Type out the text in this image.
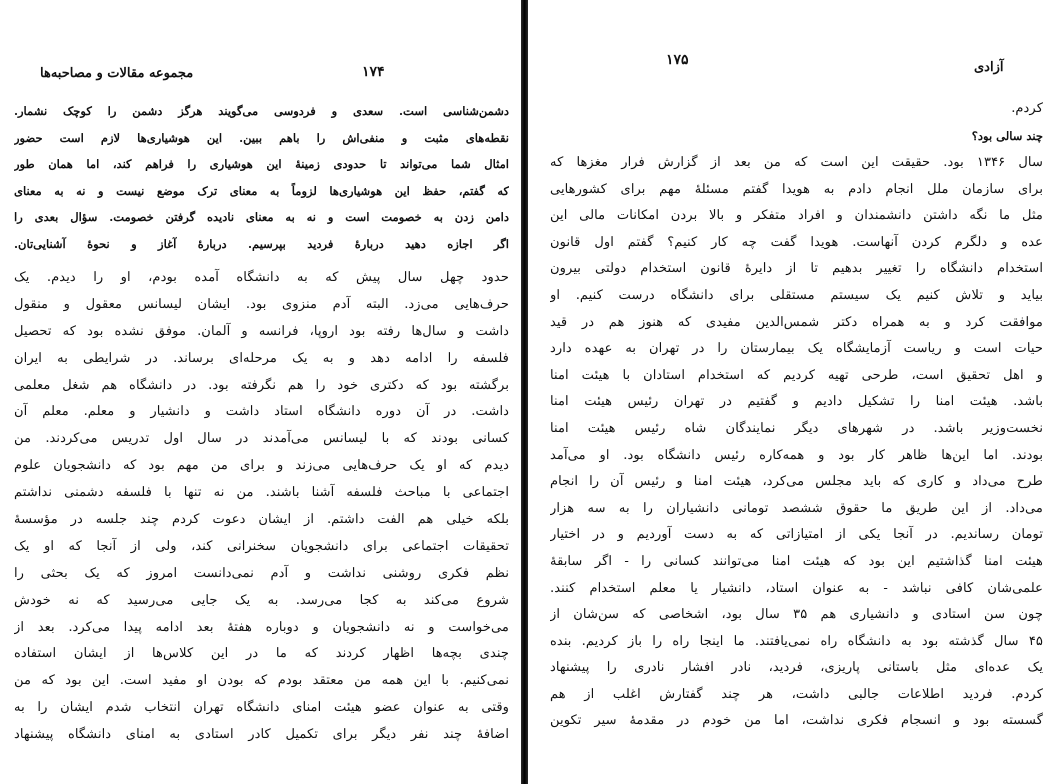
مجموعه مقالات و مصاحبه‌ها	۱۷۴
دشمن‌شناسی است. سعدی و فردوسی می‌گویند هرگز دشمن را کوچک نشمار.
نقطه‌های مثبت و منفی‌اش را باهم ببین. این هوشیاری‌ها لازم است حضور
امثال شما می‌تواند تا حدودی زمینهٔ این هوشیاری را فراهم کند، اما همان طور
که گفتم، حفظ این هوشیاری‌ها لزوماً به معنای ترک موضع نیست و نه به معنای
دامن زدن به خصومت است و نه به معنای نادیده گرفتن خصومت. سؤال بعدی را
اگر اجازه دهید دربارهٔ فردید بپرسیم. دربارهٔ آغاز و نحوهٔ آشنایی‌تان.
حدود چهل سال پیش که به دانشگاه آمده بودم، او را دیدم. یک
حرف‌هایی می‌زد. البته آدم منزوی بود. ایشان لیسانس معقول و منقول
داشت و سال‌ها رفته بود اروپا، فرانسه و آلمان. موفق نشده بود که تحصیل
فلسفه را ادامه دهد و به یک مرحله‌ای برساند. در شرایطی به ایران
برگشته بود که دکتری خود را هم نگرفته بود. در دانشگاه هم شغل معلمی
داشت. در آن دوره دانشگاه استاد داشت و دانشیار و معلم. معلم آن
کسانی بودند که با لیسانس می‌آمدند در سال اول تدریس می‌کردند. من
دیدم که او یک حرف‌هایی می‌زند و برای من مهم بود که دانشجویان علوم
اجتماعی با مباحث فلسفه آشنا باشند. من نه تنها با فلسفه دشمنی نداشتم
بلکه خیلی هم الفت داشتم. از ایشان دعوت کردم چند جلسه در مؤسسهٔ
تحقیقات اجتماعی برای دانشجویان سخنرانی کند، ولی از آنجا که او یک
نظم فکری روشنی نداشت و آدم نمی‌دانست امروز که یک بحثی را
شروع می‌کند به کجا می‌رسد. به یک جایی می‌رسید که نه خودش
می‌خواست و نه دانشجویان و دوباره هفتهٔ بعد ادامه پیدا می‌کرد. بعد از
چندی بچه‌ها اظهار کردند که ما در این کلاس‌ها از ایشان استفاده
نمی‌کنیم. با این همه من معتقد بودم که بودن او مفید است. این بود که من
وقتی به عنوان عضو هیئت امنای دانشگاه تهران انتخاب شدم ایشان را به
اضافهٔ چند نفر دیگر برای تکمیل کادر استادی به امنای دانشگاه پیشنهاد
۱۷۵	آزادی
کردم.
چند سالی بود؟
سال ۱۳۴۶ بود. حقیقت این است که من بعد از گزارش فرار مغزها که
برای سازمان ملل انجام دادم به هویدا گفتم مسئلهٔ مهم برای کشورهایی
مثل ما نگه داشتن دانشمندان و افراد متفکر و بالا بردن امکانات مالی این
عده و دلگرم کردن آنهاست. هویدا گفت چه کار کنیم؟ گفتم اول قانون
استخدام دانشگاه را تغییر بدهیم تا از دایرهٔ قانون استخدام دولتی بیرون
بیاید و تلاش کنیم یک سیستم مستقلی برای دانشگاه درست کنیم. او
موافقت کرد و به همراه دکتر شمس‌الدین مفیدی که هنوز هم در قید
حیات است و ریاست آزمایشگاه یک بیمارستان را در تهران به عهده دارد
و اهل تحقیق است، طرحی تهیه کردیم که استخدام استادان با هیئت امنا
باشد. هیئت امنا را تشکیل دادیم و گفتیم در تهران رئیس هیئت امنا
نخست‌وزیر باشد. در شهرهای دیگر نمایندگان شاه رئیس هیئت امنا
بودند. اما این‌ها ظاهر کار بود و همه‌کاره رئیس دانشگاه بود. او می‌آمد
طرح می‌داد و کاری که باید مجلس می‌کرد، هیئت امنا و رئیس آن را انجام
می‌داد. از این طریق ما حقوق ششصد تومانی دانشیاران را به سه هزار
تومان رساندیم. در آنجا یکی از امتیازاتی که به دست آوردیم و در اختیار
هیئت امنا گذاشتیم این بود که هیئت امنا می‌توانند کسانی را - اگر سابقهٔ
علمی‌شان کافی نباشد - به عنوان استاد، دانشیار یا معلم استخدام کنند.
چون سن استادی و دانشیاری هم ۳۵ سال بود، اشخاصی که سن‌شان از
۴۵ سال گذشته بود به دانشگاه راه نمی‌یافتند. ما اینجا راه را باز کردیم. بنده
یک عده‌ای مثل باستانی پاریزی، فردید، نادر افشار نادری را پیشنهاد
کردم. فردید اطلاعات جالبی داشت، هر چند گفتارش اغلب از هم
گسسته بود و انسجام فکری نداشت، اما من خودم در مقدمهٔ سیر تکوین
